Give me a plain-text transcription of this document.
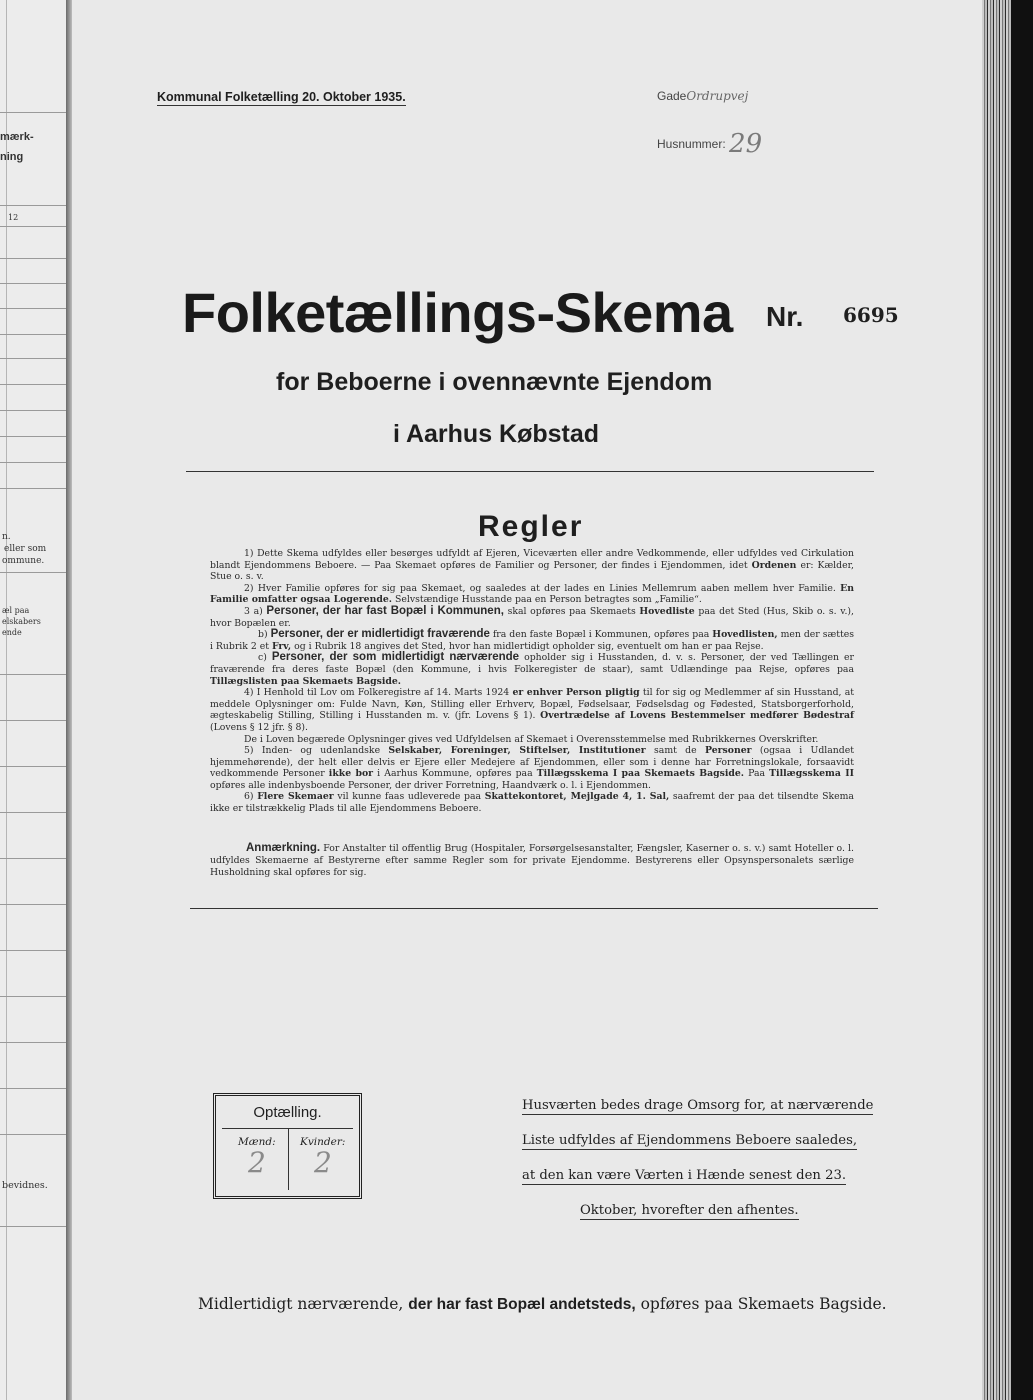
mærk-
ning
12
n.
eller som
ommune.
æl paa
elskabers
ende
bevidnes.
Kommunal Folketælling 20. Oktober 1935.	GadeOrdrupvej
Husnummer: 29
Folketællings-Skema Nr. 6695
for Beboerne i ovennævnte Ejendom
i Aarhus Købstad
Regler

1) Dette Skema udfyldes eller besørges udfyldt af Ejeren, Viceværten eller andre Vedkommende, eller udfyldes ved Cirkulation blandt Ejendommens Beboere. — Paa Skemaet opføres de Familier og Personer, der findes i Ejendommen, idet Ordenen er: Kælder, Stue o. s. v.

2) Hver Familie opføres for sig paa Skemaet, og saaledes at der lades en Linies Mellemrum aaben mellem hver Familie. En Familie omfatter ogsaa Logerende. Selvstændige Husstande paa en Person betragtes som „Familie“.

3 a) Personer, der har fast Bopæl i Kommunen, skal opføres paa Skemaets Hovedliste paa det Sted (Hus, Skib o. s. v.), hvor Bopælen er.

b) Personer, der er midlertidigt fraværende fra den faste Bopæl i Kommunen, opføres paa Hovedlisten, men der sættes i Rubrik 2 et Frv, og i Rubrik 18 angives det Sted, hvor han midlertidigt opholder sig, eventuelt om han er paa Rejse.

c) Personer, der som midlertidigt nærværende opholder sig i Husstanden, d. v. s. Personer, der ved Tællingen er fraværende fra deres faste Bopæl (den Kommune, i hvis Folkeregister de staar), samt Udlændinge paa Rejse, opføres paa Tillægslisten paa Skemaets Bagside.

4) I Henhold til Lov om Folkeregistre af 14. Marts 1924 er enhver Person pligtig til for sig og Medlemmer af sin Husstand, at meddele Oplysninger om: Fulde Navn, Køn, Stilling eller Erhverv, Bopæl, Fødselsaar, Fødselsdag og Fødested, Statsborgerforhold, ægteskabelig Stilling, Stilling i Husstanden m. v. (jfr. Lovens § 1). Overtrædelse af Lovens Bestemmelser medfører Bødestraf (Lovens § 12 jfr. § 8).

De i Loven begærede Oplysninger gives ved Udfyldelsen af Skemaet i Overensstemmelse med Rubrikkernes Overskrifter.

5) Inden- og udenlandske Selskaber, Foreninger, Stiftelser, Institutioner samt de Personer (ogsaa i Udlandet hjemmehørende), der helt eller delvis er Ejere eller Medejere af Ejendommen, eller som i denne har Forretningslokale, forsaavidt vedkommende Personer ikke bor i Aarhus Kommune, opføres paa Tillægsskema I paa Skemaets Bagside. Paa Tillægsskema II opføres alle indenbysboende Personer, der driver Forretning, Haandværk o. l. i Ejendommen.

6) Flere Skemaer vil kunne faas udleverede paa Skattekontoret, Mejlgade 4, 1. Sal, saafremt der paa det tilsendte Skema ikke er tilstrækkelig Plads til alle Ejendommens Beboere.

Anmærkning. For Anstalter til offentlig Brug (Hospitaler, Forsørgelsesanstalter, Fængsler, Kaserner o. s. v.) samt Hoteller o. l. udfyldes Skemaerne af Bestyrerne efter samme Regler som for private Ejendomme. Bestyrerens eller Opsynspersonalets særlige Husholdning skal opføres for sig.

Optælling.
Mænd: Kvinder:
2 2
Husværten bedes drage Omsorg for, at nærværende
Liste udfyldes af Ejendommens Beboere saaledes,
at den kan være Værten i Hænde senest den 23.
Oktober, hvorefter den afhentes.
Midlertidigt nærværende, der har fast Bopæl andetsteds, opføres paa Skemaets Bagside.
